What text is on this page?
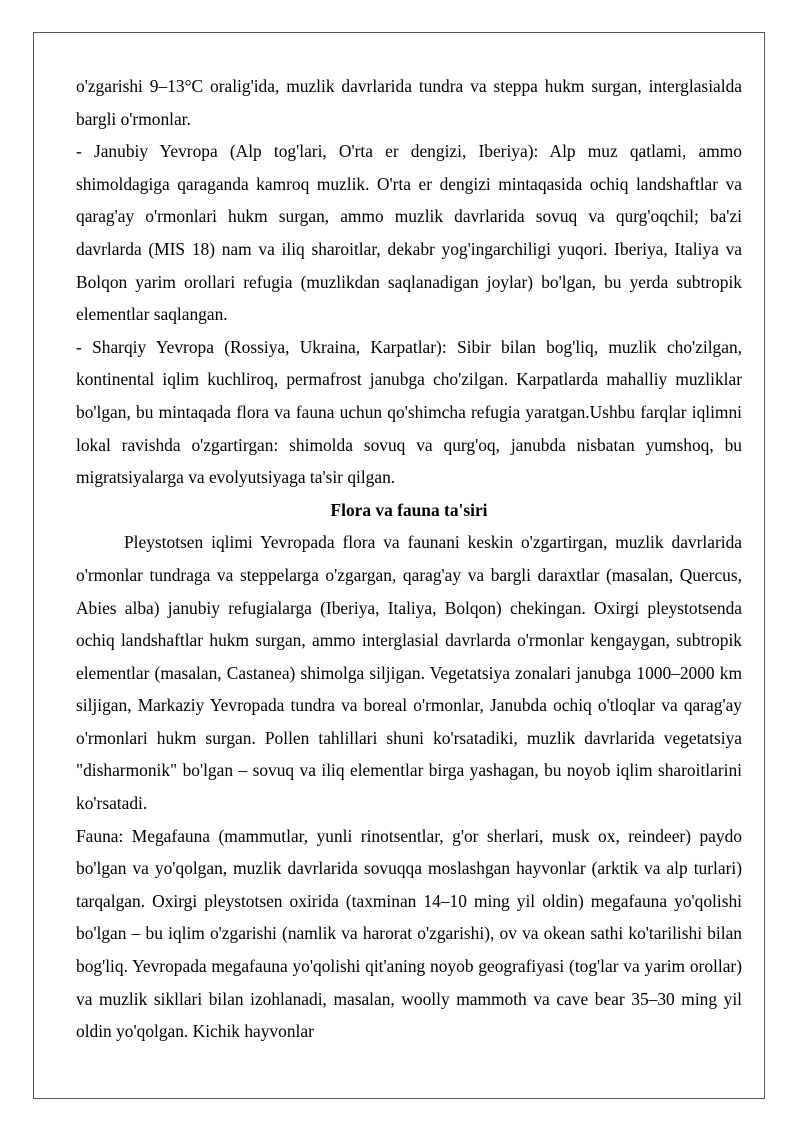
o'zgarishi 9–13°C oralig'ida, muzlik davrlarida tundra va steppa hukm surgan, interglasialda bargli o'rmonlar.

- Janubiy Yevropa (Alp tog'lari, O'rta er dengizi, Iberiya): Alp muz qatlami, ammo shimoldagiga qaraganda kamroq muzlik. O'rta er dengizi mintaqasida ochiq landshaftlar va qarag'ay o'rmonlari hukm surgan, ammo muzlik davrlarida sovuq va qurg'oqchil; ba'zi davrlarda (MIS 18) nam va iliq sharoitlar, dekabr yog'ingarchiligi yuqori. Iberiya, Italiya va Bolqon yarim orollari refugia (muzlikdan saqlanadigan joylar) bo'lgan, bu yerda subtropik elementlar saqlangan.

- Sharqiy Yevropa (Rossiya, Ukraina, Karpatlar): Sibir bilan bog'liq, muzlik cho'zilgan, kontinental iqlim kuchliroq, permafrost janubga cho'zilgan. Karpatlarda mahalliy muzliklar bo'lgan, bu mintaqada flora va fauna uchun qo'shimcha refugia yaratgan.Ushbu farqlar iqlimni lokal ravishda o'zgartirgan: shimolda sovuq va qurg'oq, janubda nisbatan yumshoq, bu migratsiyalarga va evolyutsiyaga ta'sir qilgan.

Flora va fauna ta'siri

Pleystotsen iqlimi Yevropada flora va faunani keskin o'zgartirgan, muzlik davrlarida o'rmonlar tundraga va steppelarga o'zgargan, qarag'ay va bargli daraxtlar (masalan, Quercus, Abies alba) janubiy refugialarga (Iberiya, Italiya, Bolqon) chekingan. Oxirgi pleystotsenda ochiq landshaftlar hukm surgan, ammo interglasial davrlarda o'rmonlar kengaygan, subtropik elementlar (masalan, Castanea) shimolga siljigan. Vegetatsiya zonalari janubga 1000–2000 km siljigan, Markaziy Yevropada tundra va boreal o'rmonlar, Janubda ochiq o'tloqlar va qarag'ay o'rmonlari hukm surgan. Pollen tahlillari shuni ko'rsatadiki, muzlik davrlarida vegetatsiya "disharmonik" bo'lgan – sovuq va iliq elementlar birga yashagan, bu noyob iqlim sharoitlarini ko'rsatadi.

Fauna: Megafauna (mammutlar, yunli rinotsentlar, g'or sherlari, musk ox, reindeer) paydo bo'lgan va yo'qolgan, muzlik davrlarida sovuqqa moslashgan hayvonlar (arktik va alp turlari) tarqalgan. Oxirgi pleystotsen oxirida (taxminan 14–10 ming yil oldin) megafauna yo'qolishi bo'lgan – bu iqlim o'zgarishi (namlik va harorat o'zgarishi), ov va okean sathi ko'tarilishi bilan bog'liq. Yevropada megafauna yo'qolishi qit'aning noyob geografiyasi (tog'lar va yarim orollar) va muzlik sikllari bilan izohlanadi, masalan, woolly mammoth va cave bear 35–30 ming yil oldin yo'qolgan. Kichik hayvonlar
